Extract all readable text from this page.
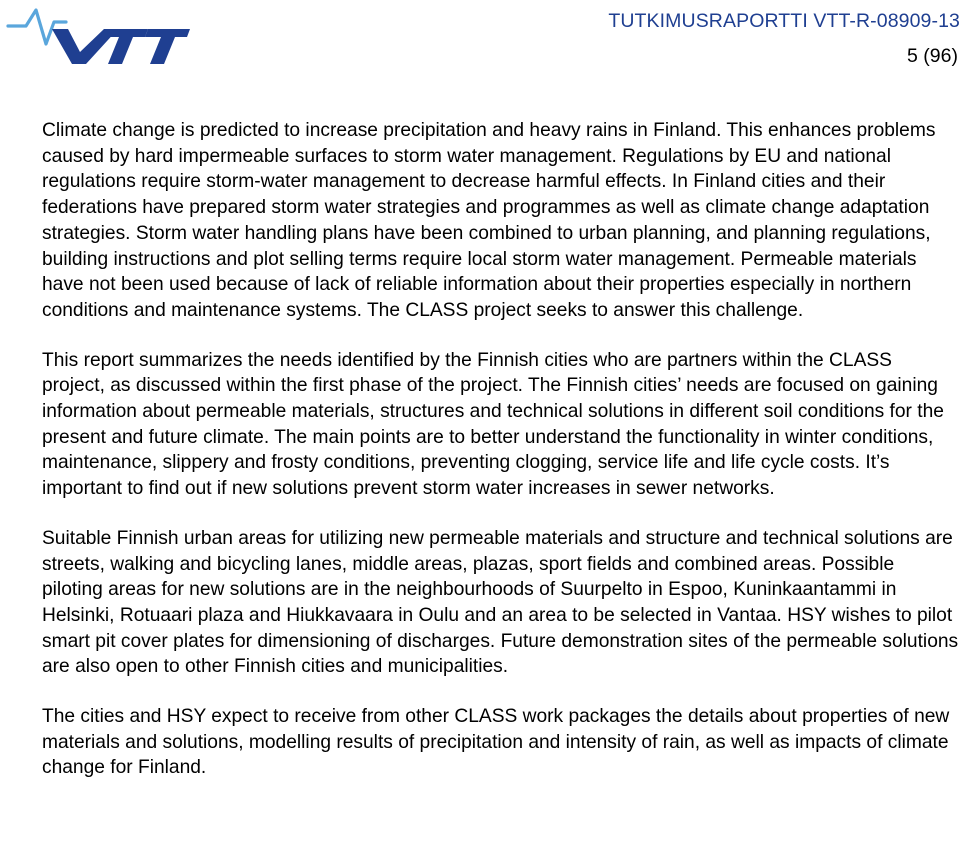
TUTKIMUSRAPORTTI VTT-R-08909-13
5 (96)

Climate change is predicted to increase precipitation and heavy rains in Finland. This enhances problems caused by hard impermeable surfaces to storm water management. Regulations by EU and national regulations require storm-water management to decrease harmful effects. In Finland cities and their federations have prepared storm water strategies and programmes as well as climate change adaptation strategies. Storm water handling plans have been combined to urban planning, and planning regulations, building instructions and plot selling terms require local storm water management. Permeable materials have not been used because of lack of reliable information about their properties especially in northern conditions and maintenance systems. The CLASS project seeks to answer this challenge.

This report summarizes the needs identified by the Finnish cities who are partners within the CLASS project, as discussed within the first phase of the project. The Finnish cities’ needs are focused on gaining information about permeable materials, structures and technical solutions in different soil conditions for the present and future climate. The main points are to better understand the functionality in winter conditions, maintenance, slippery and frosty conditions, preventing clogging, service life and life cycle costs. It’s important to find out if new solutions prevent storm water increases in sewer networks.

Suitable Finnish urban areas for utilizing new permeable materials and structure and technical solutions are streets, walking and bicycling lanes, middle areas, plazas, sport fields and combined areas. Possible piloting areas for new solutions are in the neighbourhoods of Suurpelto in Espoo, Kuninkaantammi in Helsinki, Rotuaari plaza and Hiukkavaara in Oulu and an area to be selected in Vantaa. HSY wishes to pilot smart pit cover plates for dimensioning of discharges. Future demonstration sites of the permeable solutions are also open to other Finnish cities and municipalities.

The cities and HSY expect to receive from other CLASS work packages the details about properties of new materials and solutions, modelling results of precipitation and intensity of rain, as well as impacts of climate change for Finland.
